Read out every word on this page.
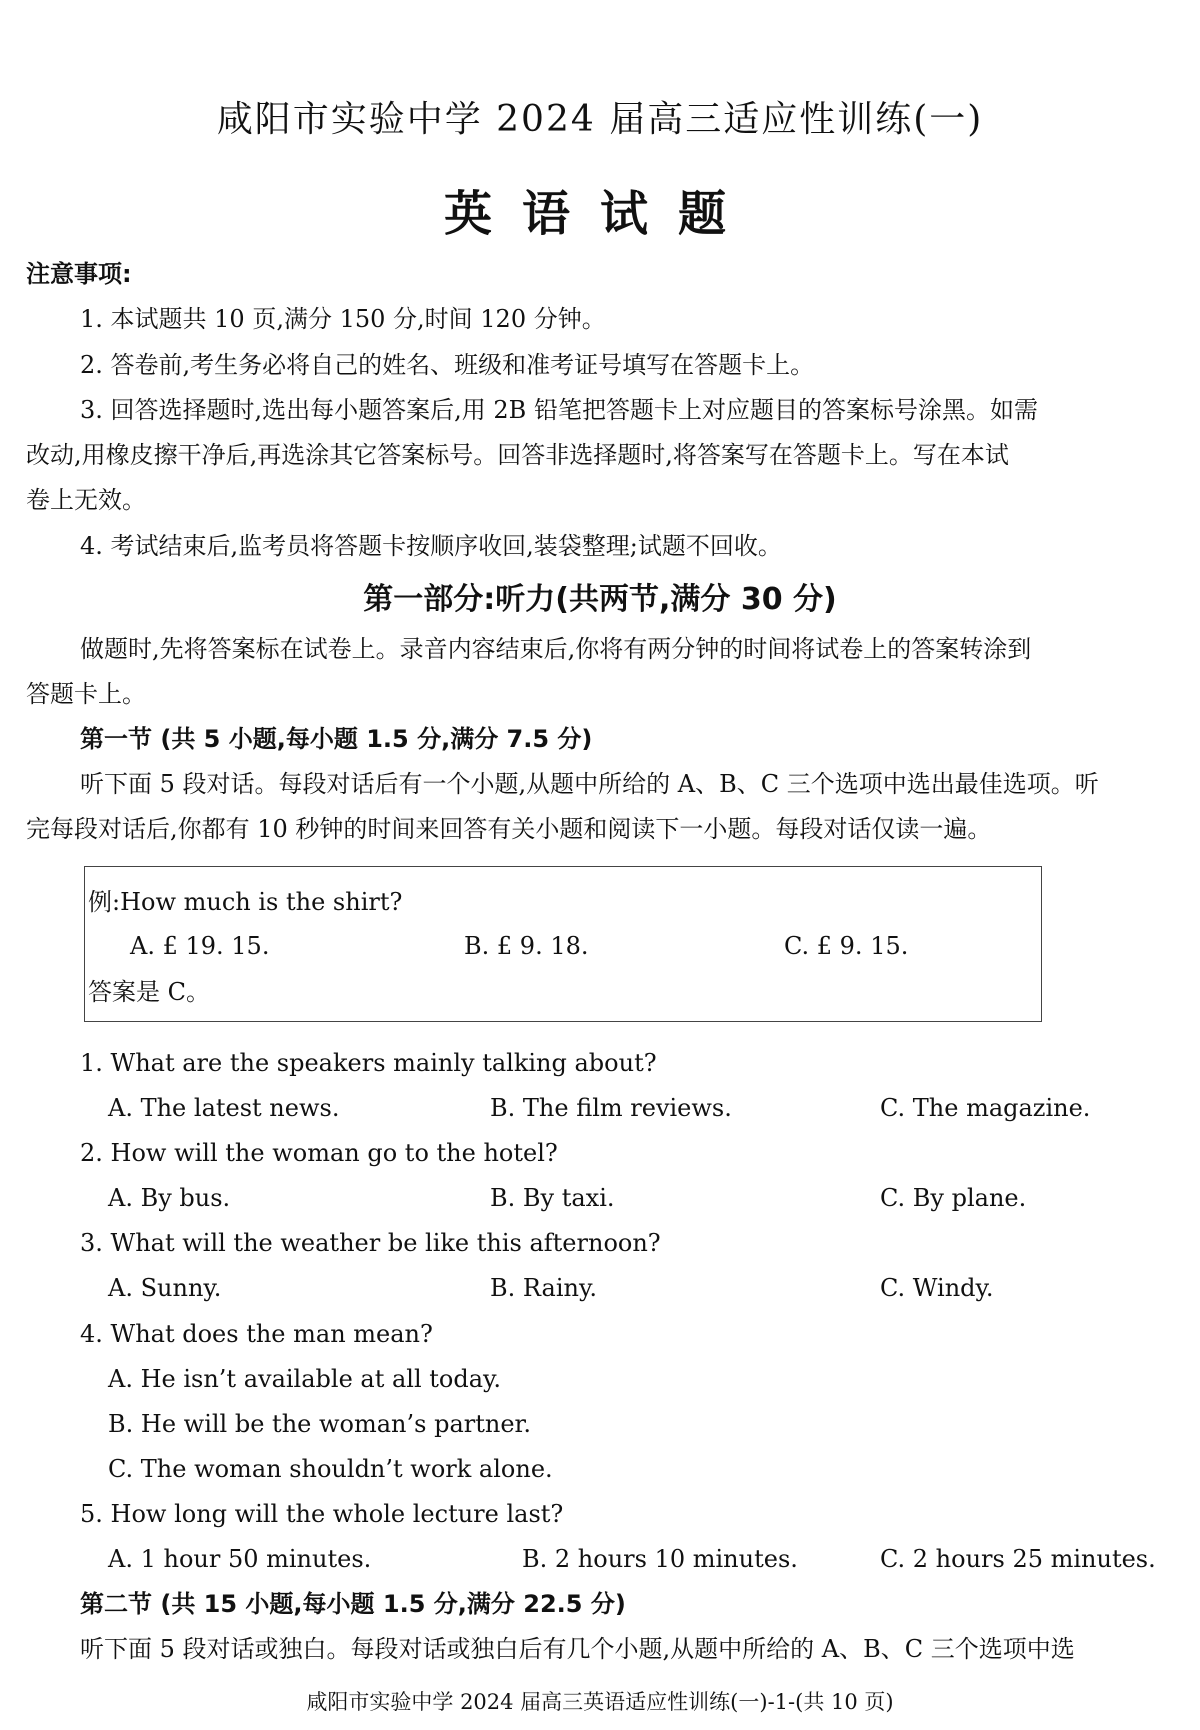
咸阳市实验中学 2024 届高三适应性训练(一)
英语试题
注意事项:
1. 本试题共 10 页,满分 150 分,时间 120 分钟。
2. 答卷前,考生务必将自己的姓名、班级和准考证号填写在答题卡上。
3. 回答选择题时,选出每小题答案后,用 2B 铅笔把答题卡上对应题目的答案标号涂黑。如需
改动,用橡皮擦干净后,再选涂其它答案标号。回答非选择题时,将答案写在答题卡上。写在本试
卷上无效。
4. 考试结束后,监考员将答题卡按顺序收回,装袋整理;试题不回收。
第一部分:听力(共两节,满分 30 分)
做题时,先将答案标在试卷上。录音内容结束后,你将有两分钟的时间将试卷上的答案转涂到
答题卡上。
第一节 (共 5 小题,每小题 1.5 分,满分 7.5 分)
听下面 5 段对话。每段对话后有一个小题,从题中所给的 A、B、C 三个选项中选出最佳选项。听
完每段对话后,你都有 10 秒钟的时间来回答有关小题和阅读下一小题。每段对话仅读一遍。
例:How much is the shirt?
A. £ 19. 15.	B. £ 9. 18.	C. £ 9. 15.
答案是 C。
1. What are the speakers mainly talking about?
A. The latest news.	B. The film reviews.	C. The magazine.
2. How will the woman go to the hotel?
A. By bus.	B. By taxi.	C. By plane.
3. What will the weather be like this afternoon?
A. Sunny.	B. Rainy.	C. Windy.
4. What does the man mean?
A. He isn’t available at all today.
B. He will be the woman’s partner.
C. The woman shouldn’t work alone.
5. How long will the whole lecture last?
A. 1 hour 50 minutes.	B. 2 hours 10 minutes.	C. 2 hours 25 minutes.
第二节 (共 15 小题,每小题 1.5 分,满分 22.5 分)
听下面 5 段对话或独白。每段对话或独白后有几个小题,从题中所给的 A、B、C 三个选项中选
咸阳市实验中学 2024 届高三英语适应性训练(一)-1-(共 10 页)
